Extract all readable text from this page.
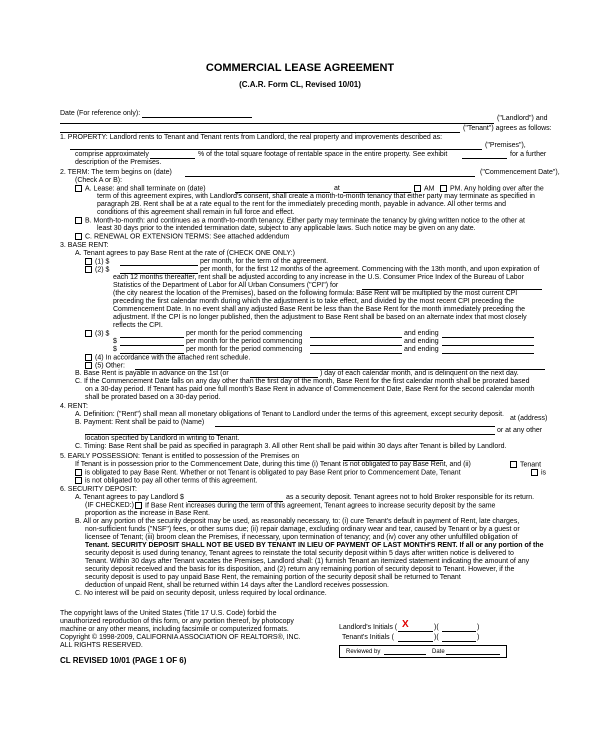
COMMERCIAL LEASE AGREEMENT
(C.A.R. Form CL, Revised 10/01)
Date (For reference only):
("Landlord") and
("Tenant") agrees as follows:
1. PROPERTY: Landlord rents to Tenant and Tenant rents from Landlord, the real property and improvements described as:
("Premises"),
comprise approximately	% of the total square footage of rentable space in the entire property. See exhibit	for a further
description of the Premises.
2. TERM: The term begins on (date)	("Commencement Date"),
(Check A or B):
A. Lease: and shall terminate on (date)	at	AM	PM. Any holding over after the
term of this agreement expires, with Landlord's consent, shall create a month-to-month tenancy that either party may terminate as specified in
paragraph 2B. Rent shall be at a rate equal to the rent for the immediately preceding month, payable in advance. All other terms and
conditions of this agreement shall remain in full force and effect.
B. Month-to-month: and continues as a month-to-month tenancy. Either party may terminate the tenancy by giving written notice to the other at
least 30 days prior to the intended termination date, subject to any applicable laws. Such notice may be given on any date.
C. RENEWAL OR EXTENSION TERMS: See attached addendum
3. BASE RENT:
A. Tenant agrees to pay Base Rent at the rate of (CHECK ONE ONLY:)
(1) $	per month, for the term of the agreement.
(2) $	per month, for the first 12 months of the agreement. Commencing with the 13th month, and upon expiration of
each 12 months thereafter, rent shall be adjusted according to any increase in the U.S. Consumer Price Index of the Bureau of Labor
Statistics of the Department of Labor for All Urban Consumers ("CPI") for
(the city nearest the location of the Premises), based on the following formula: Base Rent will be multiplied by the most current CPI
preceding the first calendar month during which the adjustment is to take effect, and divided by the most recent CPI preceding the
Commencement Date. In no event shall any adjusted Base Rent be less than the Base Rent for the month immediately preceding the
adjustment. If the CPI is no longer published, then the adjustment to Base Rent shall be based on an alternate index that most closely
reflects the CPI.
(3) $	per month for the period commencing	and ending
$	per month for the period commencing	and ending
$	per month for the period commencing	and ending
(4) In accordance with the attached rent schedule.
(5) Other:
B. Base Rent is payable in advance on the 1st (or	) day of each calendar month, and is delinquent on the next day.
C. If the Commencement Date falls on any day other than the first day of the month, Base Rent for the first calendar month shall be prorated based
on a 30-day period. If Tenant has paid one full month's Base Rent in advance of Commencement Date, Base Rent for the second calendar month
shall be prorated based on a 30-day period.
4. RENT:
A. Definition: ("Rent") shall mean all monetary obligations of Tenant to Landlord under the terms of this agreement, except security deposit.
B. Payment: Rent shall be paid to (Name)
at (address)
or at any other
location specified by Landlord in writing to Tenant.
C. Timing: Base Rent shall be paid as specified in paragraph 3. All other Rent shall be paid within 30 days after Tenant is billed by Landlord.
5. EARLY POSSESSION: Tenant is entitled to possession of the Premises on
If Tenant is in possession prior to the Commencement Date, during this time (i) Tenant is not obligated to pay Base Rent, and (ii)	Tenant
is obligated to pay Base Rent. Whether or not Tenant is obligated to pay Base Rent prior to Commencement Date, Tenant	is
is not obligated to pay all other terms of this agreement.
6. SECURITY DEPOSIT:
A. Tenant agrees to pay Landlord $	as a security deposit. Tenant agrees not to hold Broker responsible for its return.
(IF CHECKED:)	If Base Rent increases during the term of this agreement, Tenant agrees to increase security deposit by the same
proportion as the increase in Base Rent.
B. All or any portion of the security deposit may be used, as reasonably necessary, to: (i) cure Tenant's default in payment of Rent, late charges,
non-sufficient funds ("NSF") fees, or other sums due; (ii) repair damage, excluding ordinary wear and tear, caused by Tenant or by a guest or
licensee of Tenant; (iii) broom clean the Premises, if necessary, upon termination of tenancy; and (iv) cover any other unfulfilled obligation of
Tenant. SECURITY DEPOSIT SHALL NOT BE USED BY TENANT IN LIEU OF PAYMENT OF LAST MONTH'S RENT. If all or any portion of the
security deposit is used during tenancy, Tenant agrees to reinstate the total security deposit within 5 days after written notice is delivered to
Tenant. Within 30 days after Tenant vacates the Premises, Landlord shall: (1) furnish Tenant an itemized statement indicating the amount of any
security deposit received and the basis for its disposition, and (2) return any remaining portion of security deposit to Tenant. However, if the
security deposit is used to pay unpaid Base Rent, the remaining portion of the security deposit shall be returned to Tenant
deduction of unpaid Rent, shall be returned within 14 days after the Landlord receives possession.
C. No interest will be paid on security deposit, unless required by local ordinance.
The copyright laws of the United States (Title 17 U.S. Code) forbid the
unauthorized reproduction of this form, or any portion thereof, by photocopy
machine or any other means, including facsimile or computerized formats.
Copyright © 1998-2009, CALIFORNIA ASSOCIATION OF REALTORS®, INC.
ALL RIGHTS RESERVED.
CL REVISED 10/01 (PAGE 1 OF 6)
Landlord's Initials ( X	)(	)
Tenant's Initials (	)(	)
Reviewed by	Date
